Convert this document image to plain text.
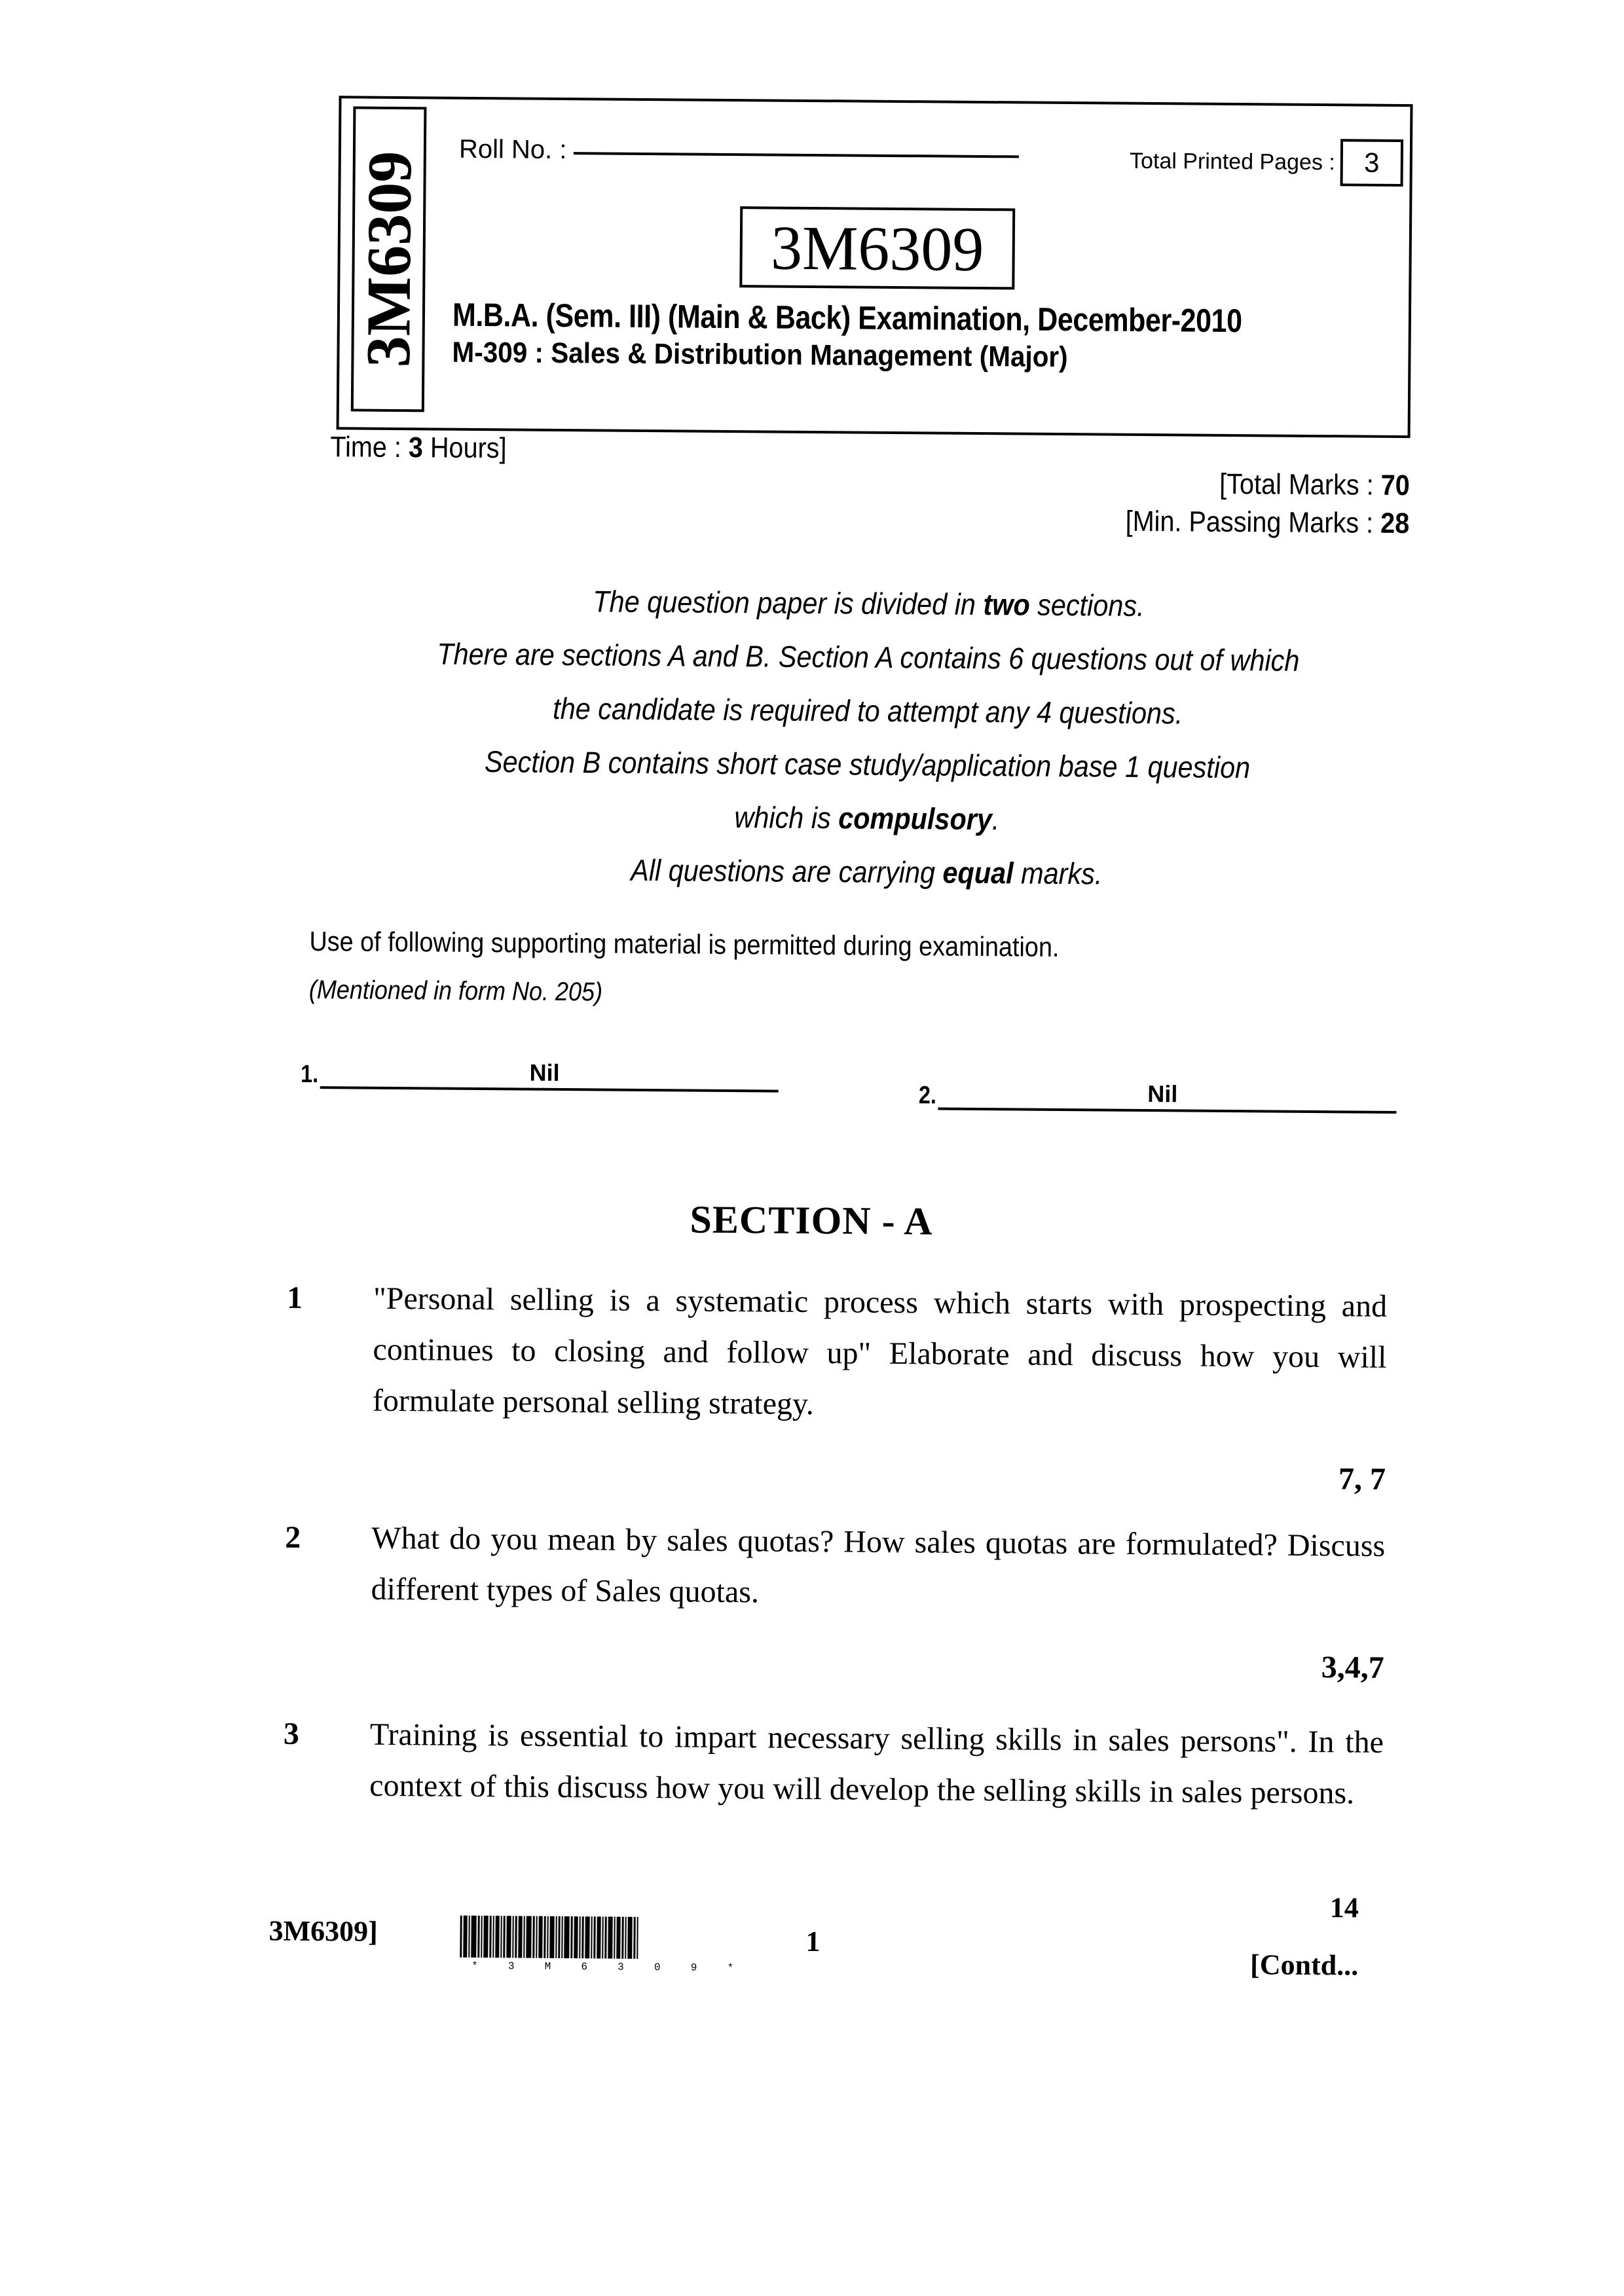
3M6309
Roll No. :	Total Printed Pages :	3
3M6309
M.B.A. (Sem. III) (Main & Back) Examination, December-2010
M-309 : Sales & Distribution Management (Major)
Time : 3 Hours]
[Total Marks : 70
[Min. Passing Marks : 28
The question paper is divided in two sections.
There are sections A and B. Section A contains 6 questions out of which
the candidate is required to attempt any 4 questions.
Section B contains short case study/application base 1 question
which is compulsory.
All questions are carrying equal marks.
Use of following supporting material is permitted during examination.
(Mentioned in form No. 205)
1.	Nil
2.	Nil
SECTION - A
1 "Personal selling is a systematic process which starts with prospecting and continues to closing and follow up" Elaborate and discuss how you will formulate personal selling strategy.
7, 7
2 What do you mean by sales quotas? How sales quotas are formulated? Discuss different types of Sales quotas.
3,4,7
3 Training is essential to impart necessary selling skills in sales persons". In the context of this discuss how you will develop the selling skills in sales persons.
14
3M6309]
*	3	M	6	3	0	9	*
1
[Contd...
